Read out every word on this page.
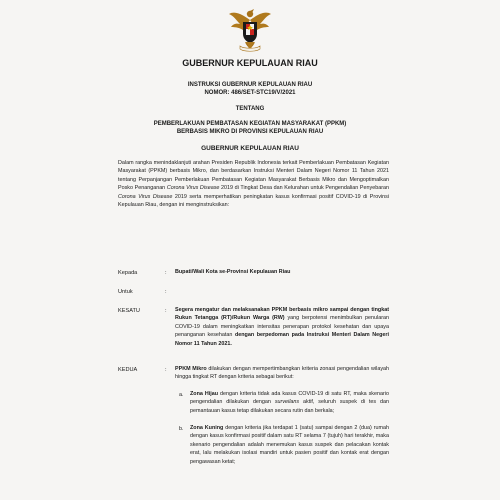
GUBERNUR KEPULAUAN RIAU
INSTRUKSI GUBERNUR KEPULAUAN RIAU
NOMOR: 486/SET-STC19/V/2021
TENTANG
PEMBERLAKUAN PEMBATASAN KEGIATAN MASYARAKAT (PPKM)
BERBASIS MIKRO DI PROVINSI KEPULAUAN RIAU
GUBERNUR KEPULAUAN RIAU
Dalam rangka menindaklanjuti arahan Presiden Republik Indonesia terkait Pemberlakuan Pembatasan Kegiatan Masyarakat (PPKM) berbasis Mikro, dan berdasarkan Instruksi Menteri Dalam Negeri Nomor 11 Tahun 2021 tentang Perpanjangan Pemberlakuan Pembatasan Kegiatan Masyarakat Berbasis Mikro dan Mengoptimalkan Posko Penanganan Corona Virus Disease 2019 di Tingkat Desa dan Kelurahan untuk Pengendalian Penyebaran Corona Virus Disease 2019 serta memperhatikan peningkatan kasus konfirmasi positif COVID-19 di Provinsi Kepulauan Riau, dengan ini menginstruksikan:
Kepada	: Bupati/Wali Kota se-Provinsi Kepulauan Riau
Untuk	:
KESATU	: Segera mengatur dan melaksanakan PPKM berbasis mikro sampai dengan tingkat Rukun Tetangga (RT)/Rukun Warga (RW) yang berpotensi menimbulkan penularan COVID-19 dalam meningkatkan intensitas penerapan protokol kesehatan dan upaya penanganan kesehatan dengan berpedoman pada Instruksi Menteri Dalam Negeri Nomor 11 Tahun 2021.
KEDUA	: PPKM Mikro dilakukan dengan mempertimbangkan kriteria zonasi pengendalian wilayah hingga tingkat RT dengan kriteria sebagai berikut:
a. Zona Hijau dengan kriteria tidak ada kasus COVID-19 di satu RT, maka skenario pengendalian dilakukan dengan surveilans aktif, seluruh suspek di tes dan pemantauan kasus tetap dilakukan secara rutin dan berkala;
b. Zona Kuning dengan kriteria jika terdapat 1 (satu) sampai dengan 2 (dua) rumah dengan kasus konfirmasi positif dalam satu RT selama 7 (tujuh) hari terakhir, maka skenario pengendalian adalah menemukan kasus suspek dan pelacakan kontak erat, lalu melakukan isolasi mandiri untuk pasien positif dan kontak erat dengan pengawasan ketat;
